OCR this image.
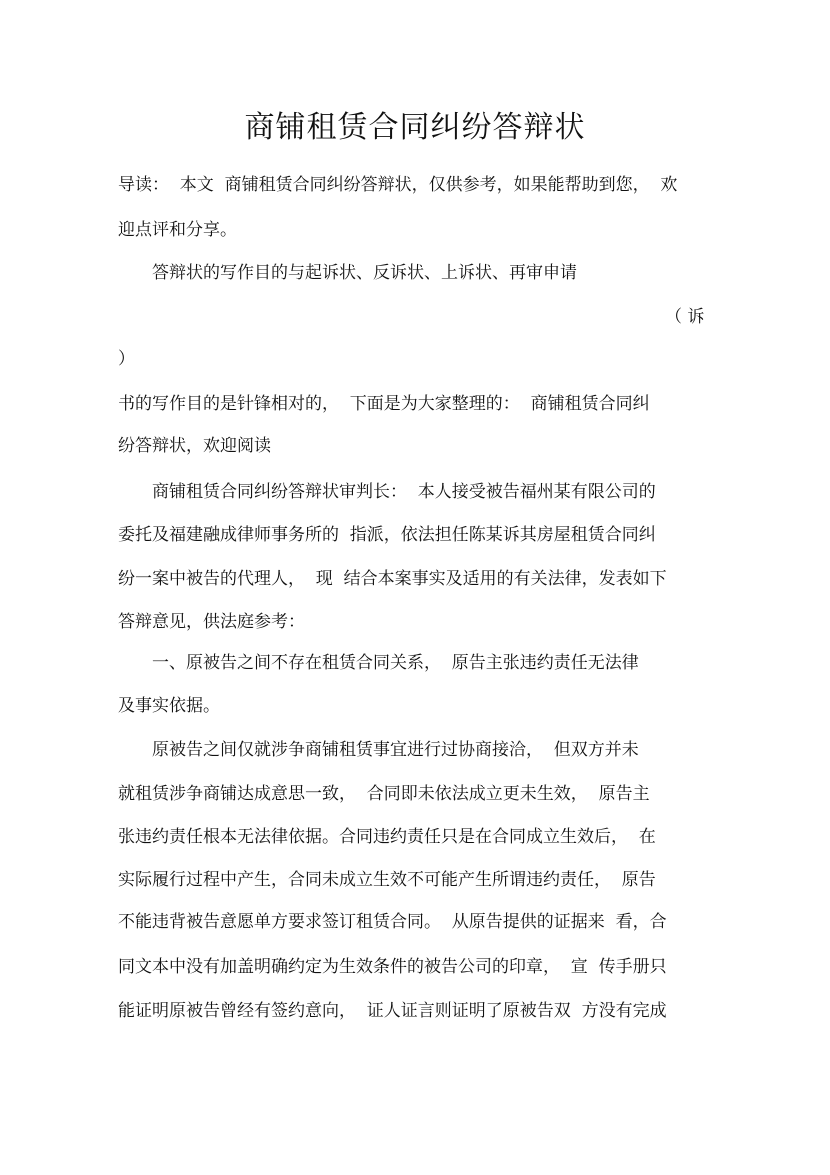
商铺租赁合同纠纷答辩状
导读：  本文  商铺租赁合同纠纷答辩状，仅供参考，如果能帮助到您，  欢
迎点评和分享。
答辩状的写作目的与起诉状、反诉状、上诉状、再审申请
（ 诉
）
书的写作目的是针锋相对的，  下面是为大家整理的：  商铺租赁合同纠
纷答辩状，欢迎阅读
商铺租赁合同纠纷答辩状审判长：  本人接受被告福州某有限公司的
委托及福建融成律师事务所的  指派，依法担任陈某诉其房屋租赁合同纠
纷一案中被告的代理人，  现  结合本案事实及适用的有关法律，发表如下
答辩意见，供法庭参考：
一、原被告之间不存在租赁合同关系，  原告主张违约责任无法律
及事实依据。
原被告之间仅就涉争商铺租赁事宜进行过协商接洽，  但双方并未
就租赁涉争商铺达成意思一致，  合同即未依法成立更未生效，  原告主
张违约责任根本无法律依据。合同违约责任只是在合同成立生效后，  在
实际履行过程中产生，合同未成立生效不可能产生所谓违约责任，  原告
不能违背被告意愿单方要求签订租赁合同。  从原告提供的证据来  看，合
同文本中没有加盖明确约定为生效条件的被告公司的印章，  宣  传手册只
能证明原被告曾经有签约意向，  证人证言则证明了原被告双  方没有完成
